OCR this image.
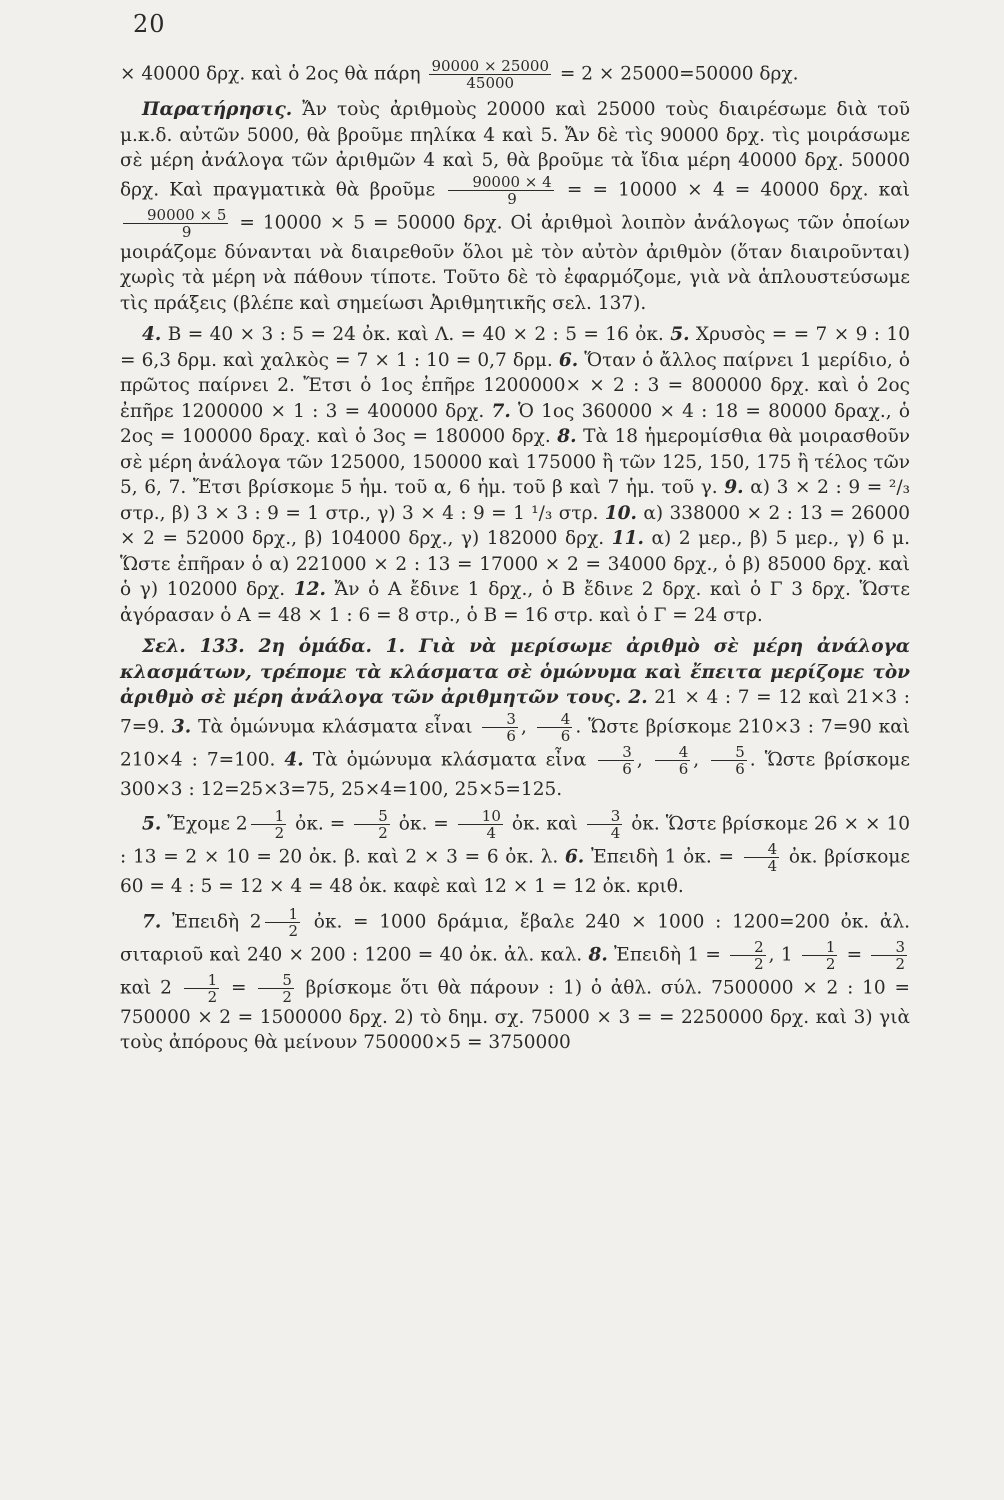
20

× 40000 δρχ. καὶ ὁ 2ος θὰ πάρη $\frac{90000 \times 25000}{45000} = 2 \times 25000=50000$ δρχ.

Παρατήρησις. Ἄν τοὺς ἀριθμοὺς 20000 καὶ 25000 τοὺς διαιρέσωμε διὰ τοῦ μ.κ.δ. αὐτῶν 5000, θὰ βροῦμε πηλίκα 4 καὶ 5. Ἄν δὲ τὶς 90000 δρχ. τὶς μοιράσωμε σὲ μέρη ἀνάλογα τῶν ἀριθμῶν 4 καὶ 5, θὰ βροῦμε τὰ ἴδια μέρη 40000 δρχ. 50000 δρχ. Καὶ πραγματικὰ θὰ βροῦμε $\frac{90000 \times 4}{9}$ = = 10000 × 4 = 40000 δρχ. καὶ
$\frac{90000 \times 5}{9} = 10000 \times 5 = 50000$ δρχ. Οἱ ἀριθμοὶ λοιπὸν ἀνάλογως τῶν ὁποίων μοιράζομε δύνανται νὰ διαιρεθοῦν ὅλοι μὲ τὸν αὐτὸν ἀριθμὸν (ὅταν διαιροῦνται) χωρὶς τὰ μέρη νὰ πάθουν τίποτε. Τοῦτο δὲ τὸ ἐφαρμόζομε, γιὰ νὰ ἁπλουστεύσωμε τὶς πράξεις (βλέπε καὶ σημείωσι Ἀριθμητικῆς σελ. 137).

4. Β = 40 × 3 : 5 = 24 ὀκ. καὶ Λ. = 40 × 2 : 5 = 16 ὀκ. 5. Χρυσὸς = = 7 × 9 : 10 = 6,3 δρμ. καὶ χαλκὸς = 7 × 1 : 10 = 0,7 δρμ. 6. Ὅταν ὁ ἄλλος παίρνει 1 μερίδιο, ὁ πρῶτος παίρνει 2. Ἔτσι ὁ 1ος ἐπῆρε 1200000× × 2 : 3 = 800000 δρχ. καὶ ὁ 2ος ἐπῆρε 1200000 × 1 : 3 = 400000 δρχ. 7. Ὁ 1ος 360000 × 4 : 18 = 80000 δραχ., ὁ 2ος = 100000 δραχ. καὶ ὁ 3ος = 180000 δρχ. 8. Τὰ 18 ἡμερομίσθια θὰ μοιρασθοῦν σὲ μέρη ἀνάλογα τῶν 125000, 150000 καὶ 175000 ἢ τῶν 125, 150, 175 ἢ τέλος τῶν 5, 6, 7. Ἔτσι βρίσκομε 5 ἡμ. τοῦ α, 6 ἡμ. τοῦ β καὶ 7 ἡμ. τοῦ γ. 9. α) 3 × 2 : 9 = ²/₃ στρ., β) 3 × 3 : 9 = 1 στρ., γ) 3 × 4 : 9 = 1 ¹/₃ στρ. 10. α) 338000 × 2 : 13 = 26000 × 2 = 52000 δρχ., β) 104000 δρχ., γ) 182000 δρχ. 11. α) 2 μερ., β) 5 μερ., γ) 6 μ. Ὥστε ἐπῆραν ὁ α) 221000 × 2 : 13 = 17000 × 2 = 34000 δρχ., ὁ β) 85000 δρχ. καὶ ὁ γ) 102000 δρχ. 12. Ἄν ὁ Α ἔδινε 1 δρχ., ὁ Β ἔδινε 2 δρχ. καὶ ὁ Γ 3 δρχ. Ὥστε ἀγόρασαν ὁ Α = 48 × 1 : 6 = 8 στρ., ὁ Β = 16 στρ. καὶ ὁ Γ = 24 στρ.

Σελ. 133. 2η ὁμάδα. 1. Γιὰ νὰ μερίσωμε ἀριθμὸ σὲ μέρη ἀνάλογα κλασμάτων, τρέπομε τὰ κλάσματα σὲ ὁμώνυμα καὶ ἔπειτα μερίζομε τὸν ἀριθμὸ σὲ μέρη ἀνάλογα τῶν ἀριθμητῶν τους. 2. 21 × 4 : 7 = 12 καὶ 21×3 : 7=9. 3. Τὰ ὁμώνυμα κλάσματα εἶναι $\frac{3}{6}$ , $\frac{4}{6}$ . Ὥστε βρίσκομε 210×3 : 7=90 καὶ 210×4 : 7=100. 4. Τὰ ὁμώνυμα κλάσματα εἶνα $\frac{3}{6}$ , $\frac{4}{6}$ , $\frac{5}{6}$ . Ὥστε βρίσκομε 300×3 : 12=25×3=75, 25×4=100, 25×5=125.

5. Ἔχομε $2 \frac{1}{2}$ ὀκ. = $\frac{5}{2}$ ὀκ. = $\frac{10}{4}$ ὀκ. καὶ $\frac{3}{4}$ ὀκ. Ὥστε βρίσκομε 26 × × 10 : 13 = 2 × 10 = 20 ὀκ. β. καὶ 2 × 3 = 6 ὀκ. λ. 6. Ἐπειδὴ 1 ὀκ. = $\frac{4}{4}$ ὀκ. βρίσκομε 60 = 4 : 5 = 12 × 4 = 48 ὀκ. καφὲ καὶ 12 × 1 = 12 ὀκ. κριθ.

7. Ἐπειδὴ $2 \frac{1}{2}$ ὀκ. = 1000 δράμια, ἔβαλε 240 × 1000 : 1200=200 ὀκ. ἀλ. σιταριοῦ καὶ 240 × 200 : 1200 = 40 ὀκ. ἀλ. καλ. 8. Ἐπειδὴ $1 = \frac{2}{2}$ , $1 \frac{1}{2} = \frac{3}{2}$
καὶ $2 \frac{1}{2} = \frac{5}{2}$ βρίσκομε ὅτι θὰ πάρουν : 1) ὁ ἀθλ. σύλ. 7500000 × 2 : 10 = 750000 × 2 = 1500000 δρχ. 2) τὸ δημ. σχ. 75000 × 3 = = 2250000 δρχ. καὶ 3) γιὰ τοὺς ἀπόρους θὰ μείνουν 750000×5 = 3750000
